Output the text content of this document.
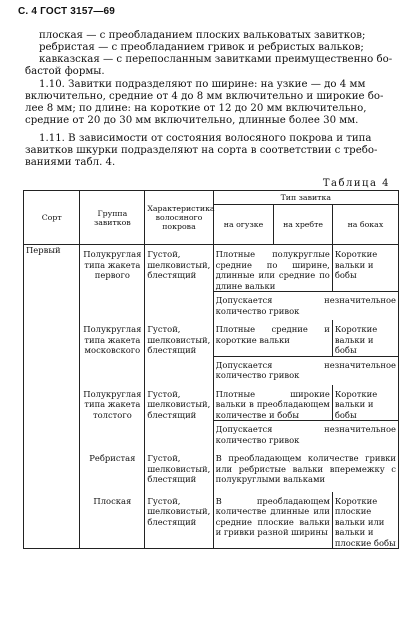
С. 4 ГОСТ 3157—69
плоская — с преобладанием плоских вальковатых завитков;
ребристая — с преобладанием гривок и ребристых вальков;
кавказская — с перепосланным завитками преимущественно бо-
бастой формы.
1.10. Завитки подразделяют по ширине: на узкие — до 4 мм
включительно, средние от 4 до 8 мм включительно и широкие бо-
лее 8 мм; по длине: на короткие от 12 до 20 мм включительно,
средние от 20 до 30 мм включительно, длинные более 30 мм.
1.11. В зависимости от состояния волосяного покрова и типа
завитков шкурки подразделяют на сорта в соответствии с требо-
ваниями табл. 4.
Таблица 4
Сорт	Группа завитков	Характеристика волосяного покрова	Тип завитка		
			на огузке	на хребте	на боках
Первый	Полукруглая типа жакета первого	Густой, шелковистый, блестящий	Плотные полукруглые средние по ширине, длинные или средние по длине вальки		Короткие вальки и бобы

			Допускается незначительное количество гривок		

	Полукруглая типа жакета московского	Густой, шелковистый, блестящий	Плотные средние и короткие вальки		Короткие вальки и бобы

			Допускается незначительное количество гривок		

	Полукруглая типа жакета толстого	Густой, шелковистый, блестящий	Плотные широкие вальки в преобладающем количестве и бобы		Короткие вальки и бобы

			Допускается незначительное количество гривок		

	Ребристая	Густой, шелковистый, блестящий	В преобладающем количестве гривки или ребристые вальки вперемежку с полукруглыми вальками		

	Плоская	Густой, шелковистый, блестящий	В преобладающем количестве длинные или средние плоские вальки и гривки разной ширины		Короткие плоские вальки или вальки и плоские бобы
